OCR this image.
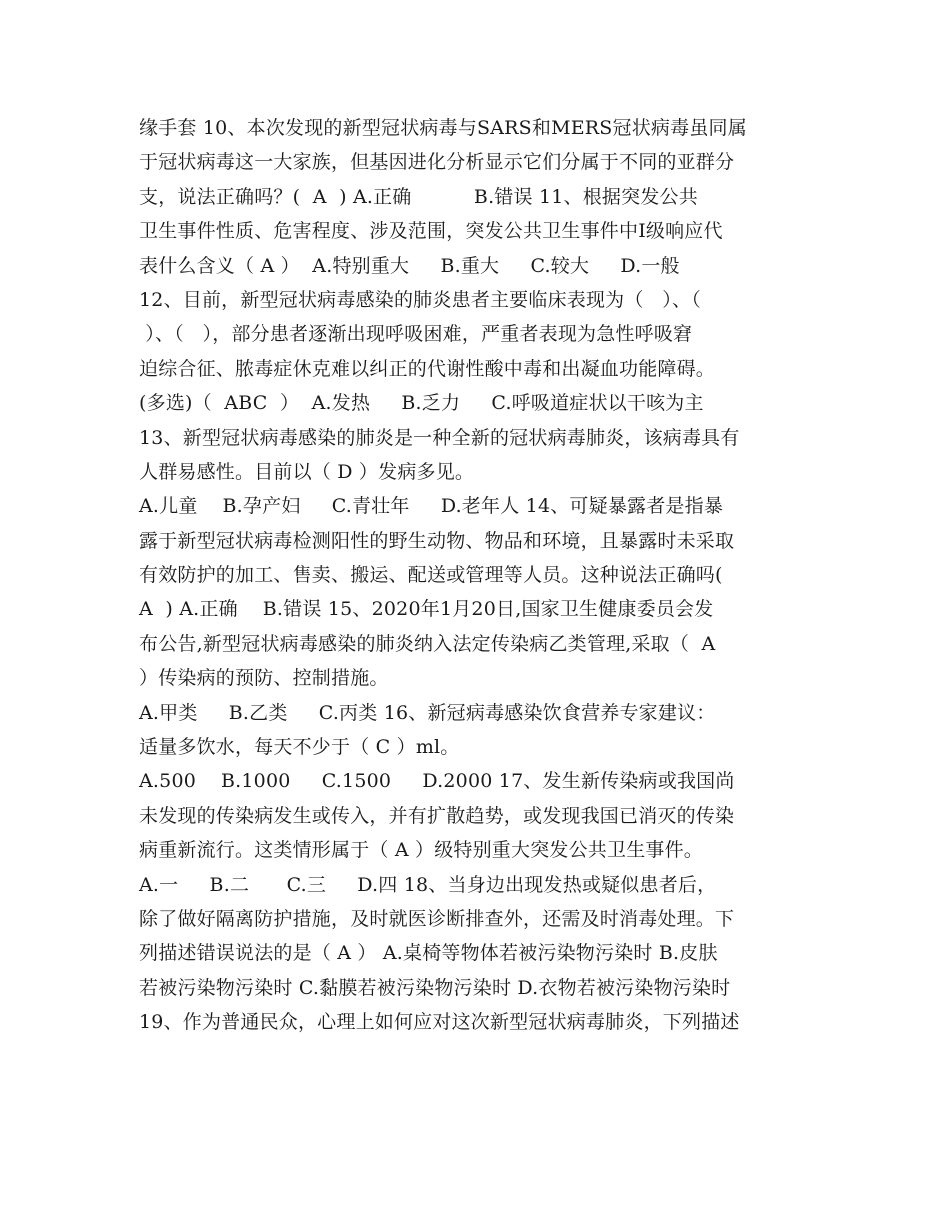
缘手套 10、本次发现的新型冠状病毒与SARS和MERS冠状病毒虽同属
于冠状病毒这一大家族，但基因进化分析显示它们分属于不同的亚群分
支，说法正确吗？(  A  ) A.正确          B.错误 11、根据突发公共
卫生事件性质、危害程度、涉及范围，突发公共卫生事件中Ⅰ级响应代
表什么含义（ A ）  A.特别重大     B.重大     C.较大     D.一般
12、目前，新型冠状病毒感染的肺炎患者主要临床表现为（   ）、（
）、（   ），部分患者逐渐出现呼吸困难，严重者表现为急性呼吸窘
迫综合征、脓毒症休克难以纠正的代谢性酸中毒和出凝血功能障碍。
(多选)（  ABC  ）  A.发热     B.乏力     C.呼吸道症状以干咳为主
13、新型冠状病毒感染的肺炎是一种全新的冠状病毒肺炎，该病毒具有
人群易感性。目前以（ D ）发病多见。
A.儿童    B.孕产妇     C.青壮年     D.老年人 14、可疑暴露者是指暴
露于新型冠状病毒检测阳性的野生动物、物品和环境，且暴露时未采取
有效防护的加工、售卖、搬运、配送或管理等人员。这种说法正确吗(
A  ) A.正确    B.错误 15、2020年1月20日,国家卫生健康委员会发
布公告,新型冠状病毒感染的肺炎纳入法定传染病乙类管理,采取（  A
）传染病的预防、控制措施。
A.甲类     B.乙类     C.丙类 16、新冠病毒感染饮食营养专家建议：
适量多饮水，每天不少于（ C ）ml。
A.500    B.1000     C.1500     D.2000 17、发生新传染病或我国尚
未发现的传染病发生或传入，并有扩散趋势，或发现我国已消灭的传染
病重新流行。这类情形属于（ A ）级特别重大突发公共卫生事件。
A.一     B.二      C.三     D.四 18、当身边出现发热或疑似患者后，
除了做好隔离防护措施，及时就医诊断排查外，还需及时消毒处理。下
列描述错误说法的是（ A ） A.桌椅等物体若被污染物污染时 B.皮肤
若被污染物污染时 C.黏膜若被污染物污染时 D.衣物若被污染物污染时
19、作为普通民众，心理上如何应对这次新型冠状病毒肺炎，下列描述
